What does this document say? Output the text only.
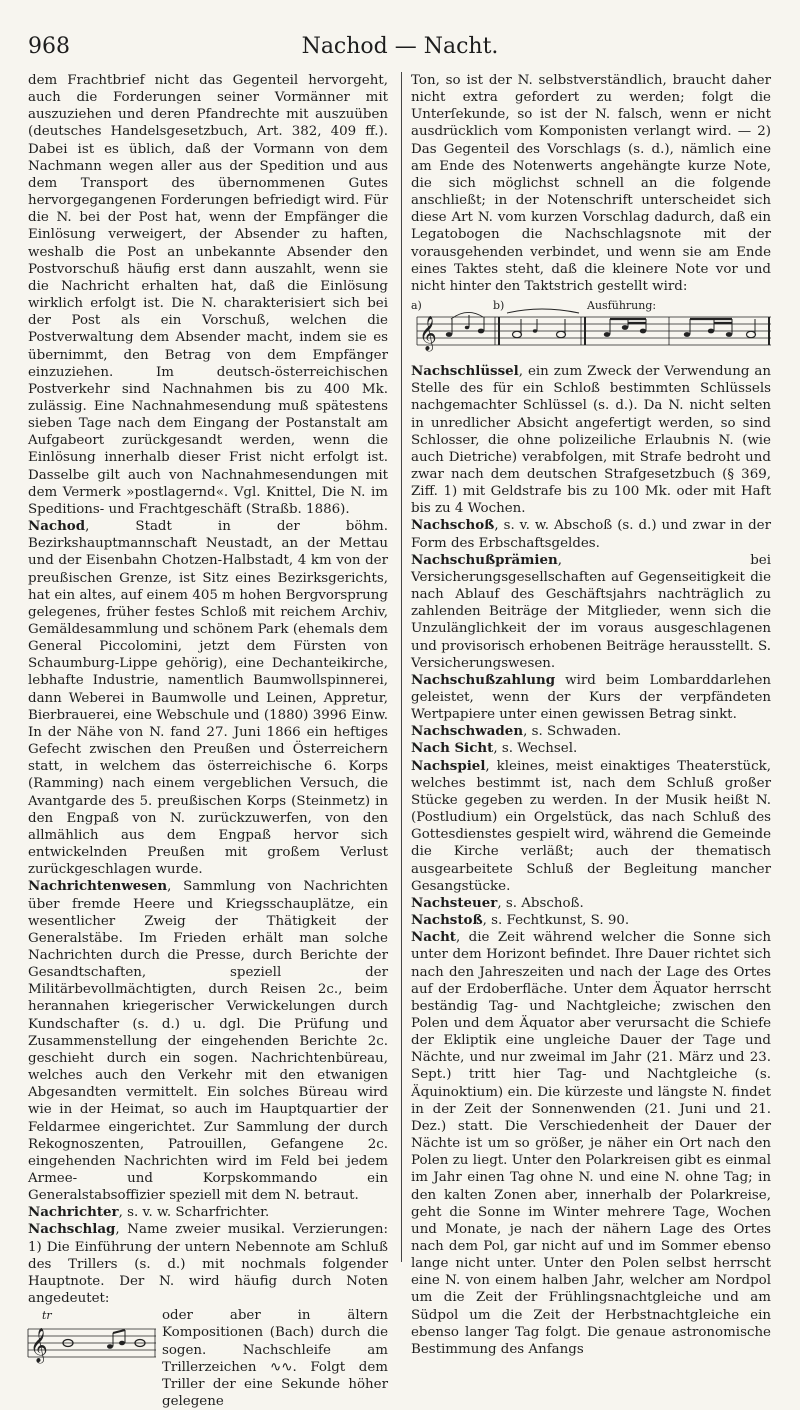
968	Nachod — Nacht.

dem Frachtbrief nicht das Gegenteil hervorgeht, auch die Forderungen seiner Vormänner mit auszuziehen und deren Pfandrechte mit auszuüben (deutsches Handelsgesetzbuch, Art. 382, 409 ff.). Dabei ist es üblich, daß der Vormann von dem Nachmann wegen aller aus der Spedition und aus dem Transport des übernommenen Gutes hervorgegangenen Forderungen befriedigt wird. Für die N. bei der Post hat, wenn der Empfänger die Einlösung verweigert, der Absender zu haften, weshalb die Post an unbekannte Absender den Postvorschuß häufig erst dann auszahlt, wenn sie die Nachricht erhalten hat, daß die Einlösung wirklich erfolgt ist. Die N. charakterisiert sich bei der Post als ein Vorschuß, welchen die Postverwaltung dem Absender macht, indem sie es übernimmt, den Betrag von dem Empfänger einzuziehen. Im deutsch-österreichischen Postverkehr sind Nachnahmen bis zu 400 Mk. zulässig. Eine Nachnahmesendung muß spätestens sieben Tage nach dem Eingang der Postanstalt am Aufgabeort zurückgesandt werden, wenn die Einlösung innerhalb dieser Frist nicht erfolgt ist. Dasselbe gilt auch von Nachnahmesendungen mit dem Vermerk »postlagernd«. Vgl. Knittel, Die N. im Speditions- und Frachtgeschäft (Straßb. 1886).

Nachod, Stadt in der böhm. Bezirkshauptmannschaft Neustadt, an der Mettau und der Eisenbahn Chotzen-Halbstadt, 4 km von der preußischen Grenze, ist Sitz eines Bezirksgerichts, hat ein altes, auf einem 405 m hohen Bergvorsprung gelegenes, früher festes Schloß mit reichem Archiv, Gemäldesammlung und schönem Park (ehemals dem General Piccolomini, jetzt dem Fürsten von Schaumburg-Lippe gehörig), eine Dechanteikirche, lebhafte Industrie, namentlich Baumwollspinnerei, dann Weberei in Baumwolle und Leinen, Appretur, Bierbrauerei, eine Webschule und (1880) 3996 Einw. In der Nähe von N. fand 27. Juni 1866 ein heftiges Gefecht zwischen den Preußen und Österreichern statt, in welchem das österreichische 6. Korps (Ramming) nach einem vergeblichen Versuch, die Avantgarde des 5. preußischen Korps (Steinmetz) in den Engpaß von N. zurückzuwerfen, von den allmählich aus dem Engpaß hervor sich entwickelnden Preußen mit großem Verlust zurückgeschlagen wurde.

Nachrichtenwesen, Sammlung von Nachrichten über fremde Heere und Kriegsschauplätze, ein wesentlicher Zweig der Thätigkeit der Generalstäbe. Im Frieden erhält man solche Nachrichten durch die Presse, durch Berichte der Gesandtschaften, speziell der Militärbevollmächtigten, durch Reisen 2c., beim herannahen kriegerischer Verwickelungen durch Kundschafter (s. d.) u. dgl. Die Prüfung und Zusammenstellung der eingehenden Berichte 2c. geschieht durch ein sogen. Nachrichtenbüreau, welches auch den Verkehr mit den etwanigen Abgesandten vermittelt. Ein solches Büreau wird wie in der Heimat, so auch im Hauptquartier der Feldarmee eingerichtet. Zur Sammlung der durch Rekognoszenten, Patrouillen, Gefangene 2c. eingehenden Nachrichten wird im Feld bei jedem Armee- und Korpskommando ein Generalstabsoffizier speziell mit dem N. betraut.

Nachrichter, s. v. w. Scharfrichter.

Nachschlag, Name zweier musikal. Verzierungen: 1) Die Einführung der untern Nebennote am Schluß des Trillers (s. d.) mit nochmals folgender Hauptnote. Der N. wird häufig durch Noten angedeutet:

tr
𝄞
oder aber in ältern Kompositionen (Bach) durch die sogen. Nachschleife am Trillerzeichen ∿∿. Folgt dem Triller der eine Sekunde höher gelegene

Ton, so ist der N. selbstverständlich, braucht daher nicht extra gefordert zu werden; folgt die Unterſekunde, so ist der N. falsch, wenn er nicht ausdrücklich vom Komponisten verlangt wird. — 2) Das Gegenteil des Vorschlags (s. d.), nämlich eine am Ende des Notenwerts angehängte kurze Note, die sich möglichst schnell an die folgende anschließt; in der Notenschrift unterscheidet sich diese Art N. vom kurzen Vorschlag dadurch, daß ein Legatobogen die Nachschlagsnote mit der vorausgehenden verbindet, und wenn sie am Ende eines Taktes steht, daß die kleinere Note vor und nicht hinter den Taktstrich gestellt wird:

a)	b)	Ausführung:
𝄞

Nachschlüssel, ein zum Zweck der Verwendung an Stelle des für ein Schloß bestimmten Schlüssels nachgemachter Schlüssel (s. d.). Da N. nicht selten in unredlicher Absicht angefertigt werden, so sind Schlosser, die ohne polizeiliche Erlaubnis N. (wie auch Dietriche) verabfolgen, mit Strafe bedroht und zwar nach dem deutschen Strafgesetzbuch (§ 369, Ziff. 1) mit Geldstrafe bis zu 100 Mk. oder mit Haft bis zu 4 Wochen.

Nachschoß, s. v. w. Abschoß (s. d.) und zwar in der Form des Erbschaftsgeldes.

Nachschußprämien, bei Versicherungsgesellschaften auf Gegenseitigkeit die nach Ablauf des Geschäftsjahrs nachträglich zu zahlenden Beiträge der Mitglieder, wenn sich die Unzulänglichkeit der im voraus ausgeschlagenen und provisorisch erhobenen Beiträge herausstellt. S. Versicherungswesen.

Nachschußzahlung wird beim Lombarddarlehen geleistet, wenn der Kurs der verpfändeten Wertpapiere unter einen gewissen Betrag sinkt.

Nachschwaden, s. Schwaden.

Nach Sicht, s. Wechsel.

Nachspiel, kleines, meist einaktiges Theaterstück, welches bestimmt ist, nach dem Schluß großer Stücke gegeben zu werden. In der Musik heißt N. (Postludium) ein Orgelstück, das nach Schluß des Gottesdienstes gespielt wird, während die Gemeinde die Kirche verläßt; auch der thematisch ausgearbeitete Schluß der Begleitung mancher Gesangstücke.

Nachsteuer, s. Abschoß.

Nachstoß, s. Fechtkunst, S. 90.

Nacht, die Zeit während welcher die Sonne sich unter dem Horizont befindet. Ihre Dauer richtet sich nach den Jahreszeiten und nach der Lage des Ortes auf der Erdoberfläche. Unter dem Äquator herrscht beständig Tag- und Nachtgleiche; zwischen den Polen und dem Äquator aber verursacht die Schiefe der Ekliptik eine ungleiche Dauer der Tage und Nächte, und nur zweimal im Jahr (21. März und 23. Sept.) tritt hier Tag- und Nachtgleiche (s. Äquinoktium) ein. Die kürzeste und längste N. findet in der Zeit der Sonnenwenden (21. Juni und 21. Dez.) statt. Die Verschiedenheit der Dauer der Nächte ist um so größer, je näher ein Ort nach den Polen zu liegt. Unter den Polarkreisen gibt es einmal im Jahr einen Tag ohne N. und eine N. ohne Tag; in den kalten Zonen aber, innerhalb der Polarkreise, geht die Sonne im Winter mehrere Tage, Wochen und Monate, je nach der nähern Lage des Ortes nach dem Pol, gar nicht auf und im Sommer ebenso lange nicht unter. Unter den Polen selbst herrscht eine N. von einem halben Jahr, welcher am Nordpol um die Zeit der Frühlingsnachtgleiche und am Südpol um die Zeit der Herbstnachtgleiche ein ebenso langer Tag folgt. Die genaue astronomische Bestimmung des Anfangs
